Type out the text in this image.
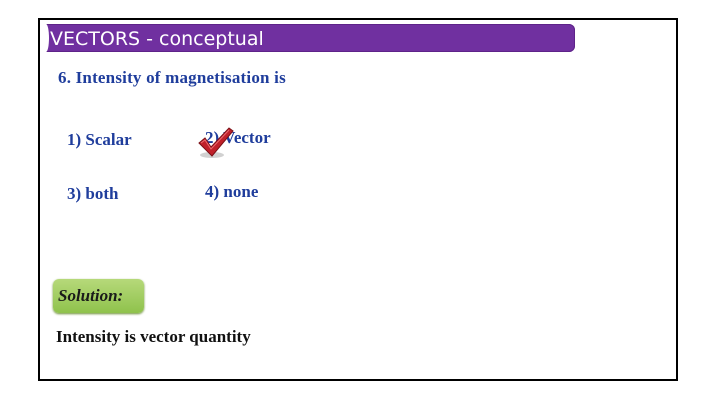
VECTORS - conceptual
6. Intensity of magnetisation is
1) Scalar	2) Vector
3) both	4) none
Solution:
Intensity is vector quantity
